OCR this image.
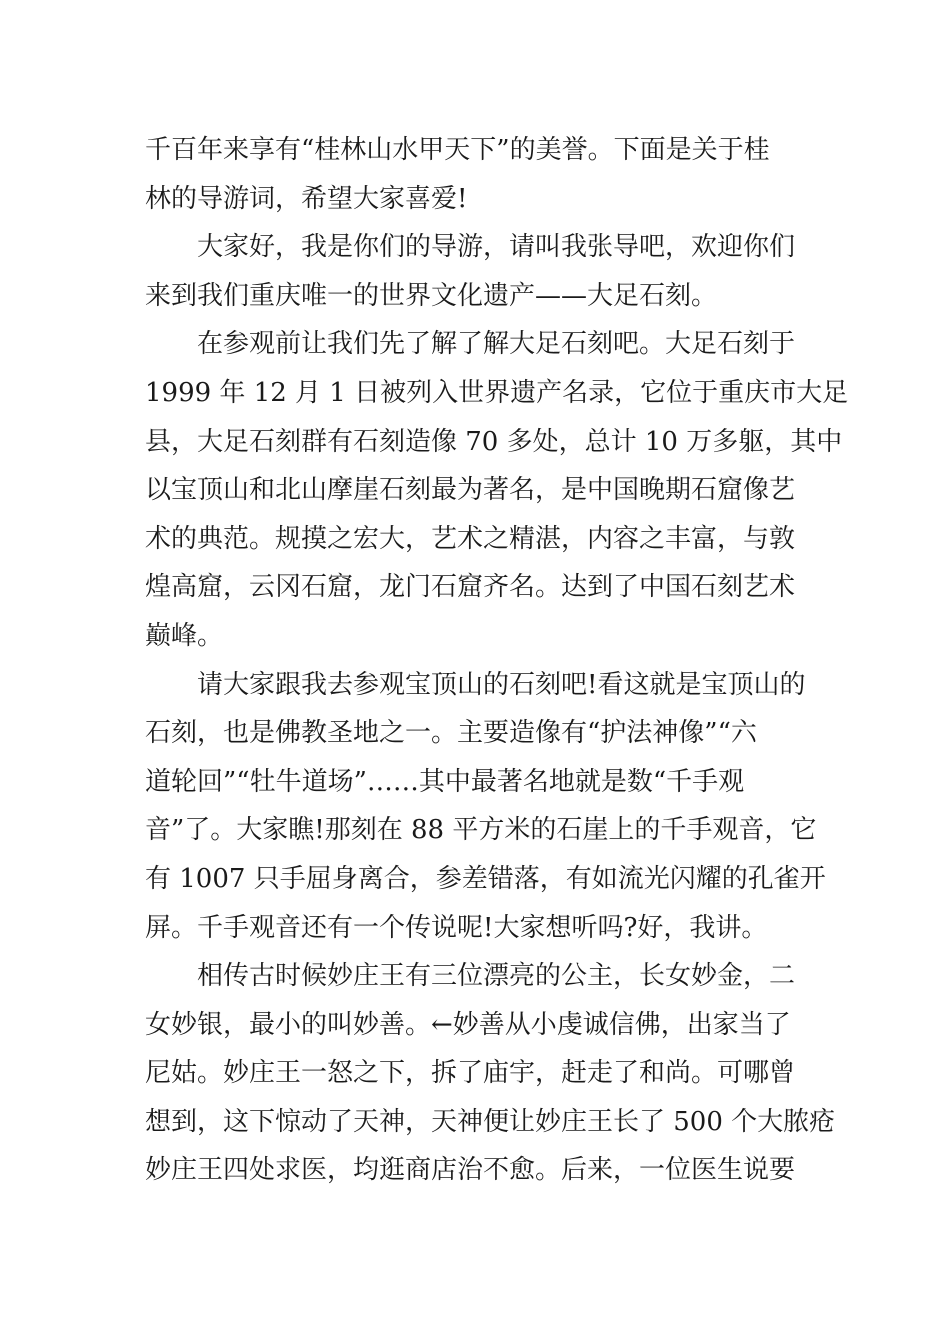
千百年来享有“桂林山水甲天下”的美誉。下面是关于桂
林的导游词，希望大家喜爱!
大家好，我是你们的导游，请叫我张导吧，欢迎你们
来到我们重庆唯一的世界文化遗产——大足石刻。
在参观前让我们先了解了解大足石刻吧。大足石刻于
1999 年 12 月 1 日被列入世界遗产名录，它位于重庆市大足
县，大足石刻群有石刻造像 70 多处，总计 10 万多躯，其中
以宝顶山和北山摩崖石刻最为著名，是中国晚期石窟像艺
术的典范。规摸之宏大，艺术之精湛，内容之丰富，与敦
煌高窟，云冈石窟，龙门石窟齐名。达到了中国石刻艺术
巅峰。
请大家跟我去参观宝顶山的石刻吧!看这就是宝顶山的
石刻，也是佛教圣地之一。主要造像有“护法神像”“六
道轮回”“牡牛道场”……其中最著名地就是数“千手观
音”了。大家瞧!那刻在 88 平方米的石崖上的千手观音，它
有 1007 只手屈身离合，参差错落，有如流光闪耀的孔雀开
屏。千手观音还有一个传说呢!大家想听吗?好，我讲。
相传古时候妙庄王有三位漂亮的公主，长女妙金，二
女妙银，最小的叫妙善。←妙善从小虔诚信佛，出家当了
尼姑。妙庄王一怒之下，拆了庙宇，赶走了和尚。可哪曾
想到，这下惊动了天神，天神便让妙庄王长了 500 个大脓疮
妙庄王四处求医，均逛商店治不愈。后来，一位医生说要
